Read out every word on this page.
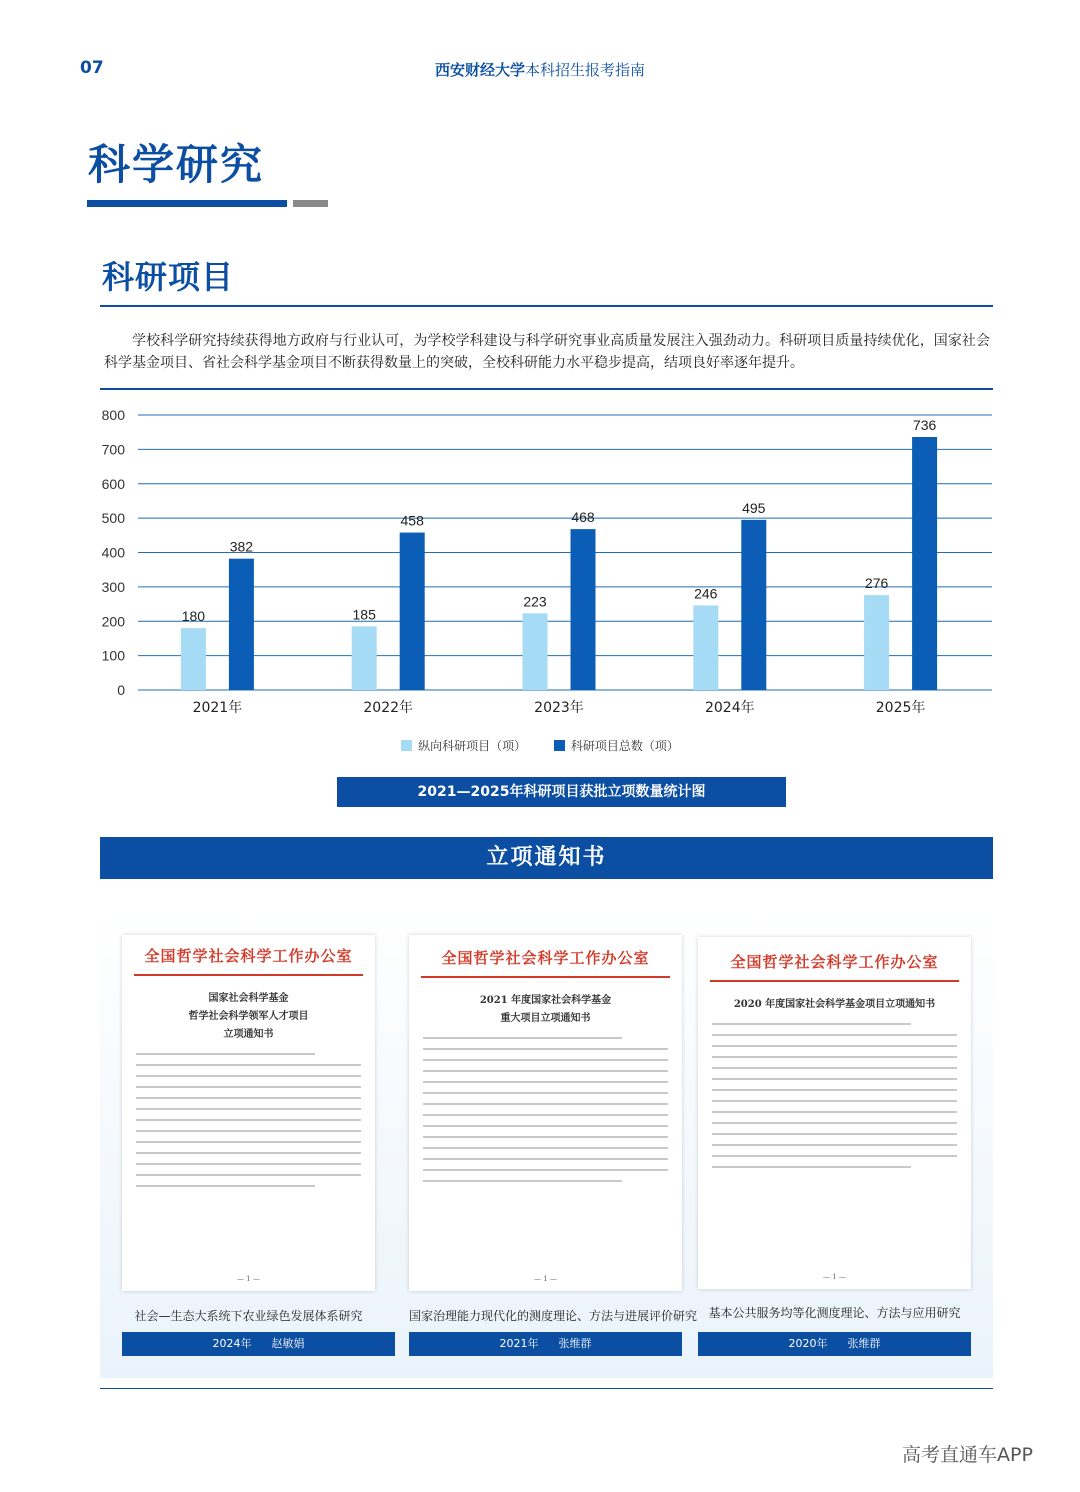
07	西安财经大学本科招生报考指南
科学研究
科研项目
学校科学研究持续获得地方政府与行业认可，为学校学科建设与科学研究事业高质量发展注入强劲动力。科研项目质量持续优化，国家社会科学基金项目、省社会科学基金项目不断获得数量上的突破，全校科研能力水平稳步提高，结项良好率逐年提升。
0
100
200
300
400
500
600
700
800
180
382
2021年
185
458
2022年
223
468
2023年
246
495
2024年
276
736
2025年
纵向科研项目（项）	科研项目总数（项）
2021—2025年科研项目获批立项数量统计图
立项通知书
全国哲学社会科学工作办公室
国家社会科学基金
哲学社会科学领军人才项目
立项通知书
— 1 —
社会—生态大系统下农业绿色发展体系研究
2024年 赵敏娟
全国哲学社会科学工作办公室
2021 年度国家社会科学基金
重大项目立项通知书
— 1 —
国家治理能力现代化的测度理论、方法与进展评价研究
2021年 张维群
全国哲学社会科学工作办公室
2020 年度国家社会科学基金项目立项通知书
— 1 —
基本公共服务均等化测度理论、方法与应用研究
2020年 张维群
高考直通车APP
